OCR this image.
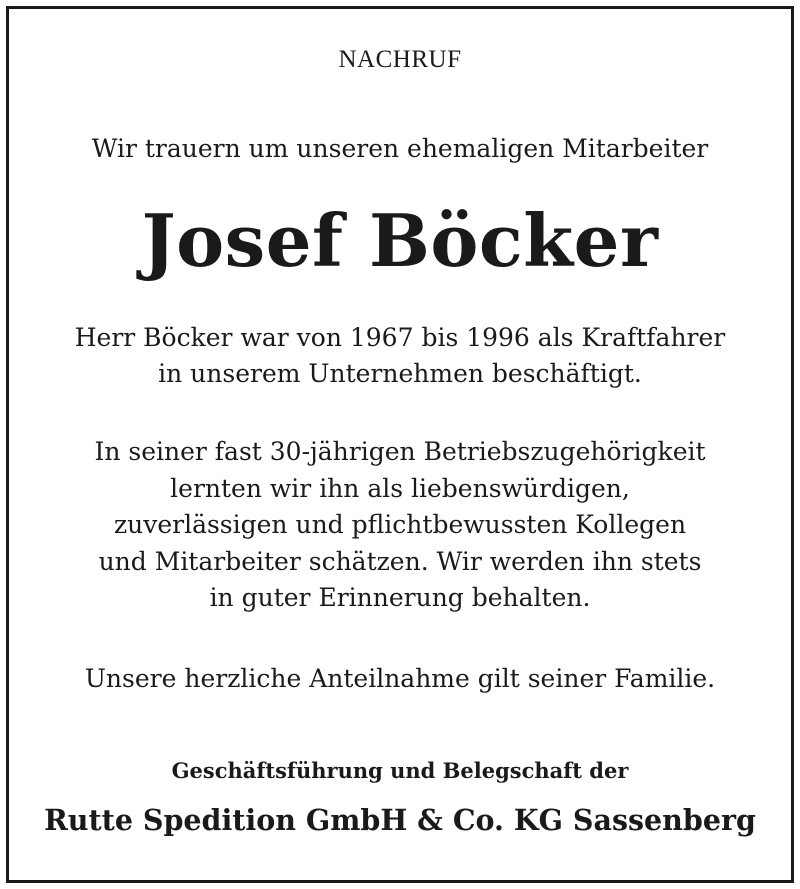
NACHRUF
Wir trauern um unseren ehemaligen Mitarbeiter
Josef Böcker
Herr Böcker war von 1967 bis 1996 als Kraftfahrer
in unserem Unternehmen beschäftigt.
In seiner fast 30-jährigen Betriebszugehörigkeit
lernten wir ihn als liebenswürdigen,
zuverlässigen und pflichtbewussten Kollegen
und Mitarbeiter schätzen. Wir werden ihn stets
in guter Erinnerung behalten.
Unsere herzliche Anteilnahme gilt seiner Familie.
Geschäftsführung und Belegschaft der
Rutte Spedition GmbH & Co. KG Sassenberg
